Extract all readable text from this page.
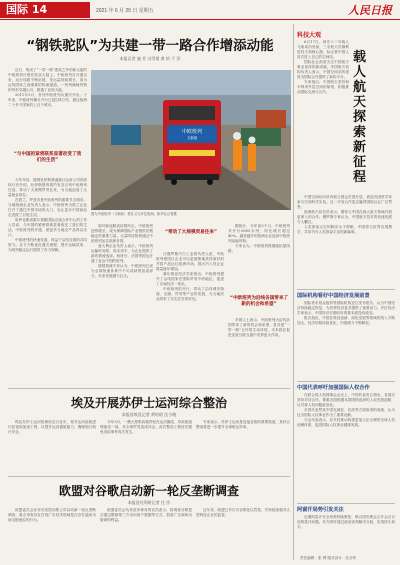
国际 14	2021 年 6 月 25 日 星期五	人民日报
“钢铁驼队”为共建一带一路合作增添动能
本报记者 施 芳 冯雪珺 黄 培 于 洋

近日，集成了“一带一路”建设之外的新元素的中欧班列行驶在欧亚大陆上。中欧班列自开通以来，运行线路不断拓展，发运量持续增长，成为沿线国家之间重要的物流通道。一列列满载货物的列车穿越山川，联通了亚欧大陆。

2011年3月，首列中欧班列从重庆开出。十年来，中欧班列累计开行已超过4万列，通达欧洲二十多个国家的上百个城市。

“与中国的紧密联系显著改变了我们的生活”

今年年初，德国杜伊斯堡港港口运营公司首席执行官介绍，杜伊斯堡每周约有近百列中欧班列往返，带动了大规模贸易往来，为当地创造了大量就业岗位。

在波兰，罗兹市是中欧班列的重要节点城市。当地物流企业负责人表示，中欧班列为波兰企业打开了通往中国市场的大门，也让更多中国商品走进波兰百姓生活。

哈萨克斯坦霍尔果斯国际边境合作中心的工作人员说，与中国的紧密联系显著改变了我们的生活。中欧班列的开通，使更多当地农产品得以出口。

中欧班列的快速发展，得益于沿线各国的共同努力。各方不断优化通关流程，提升运输效率，为班列稳定运行提供了有力保障。

中欧班列
义新欧
图为中欧班列（义新欧）将在义乌开往欧洲。新华社记者摄

面对新冠肺炎疫情冲击，中欧班列逆势增长，成为保障国际产业链供应链稳定的重要力量。大量防疫物资通过中欧班列运往欧洲各国。

意大利企业负责人表示，中欧班列运输时间短、成本适中，为企业提供了新的物流选择。西班牙、法国等国也开通了直达中国的班列。

德国物流专家认为，中欧班列已成为全球物流体系中不可或缺的组成部分，未来发展潜力巨大。

“带动了大规模贸易往来”

白俄罗斯中白工业园负责人说，中欧班列使园区企业可以更便捷地获得原材料并将产品运往欧洲市场。园区内入驻企业数量逐年增加。

塞尔维亚经济学家指出，中欧班列提升了沿线国家在国际贸易中的地位，促进了区域经济一体化。

中欧班列的开行，带动了沿线城市物流、仓储、贸易等产业的发展，为当地民众带来了实实在在的好处。	“中欧班列为沿线各国带来了新的机会和希望”

据统计，今年前5个月，中欧班列共开行6000余列，同比增长超过40%。越来越多的欧洲企业选择中欧班列运输货物。

专家认为，中欧班列将继续拓展线路。

多国人士表示，中欧班列为沿线各国带来了新的机会和希望，是共建“一带一路”合作的生动体现，未来将在促进亚欧互联互通中发挥更大作用。

科技大观

6月17日，神舟十二号载人飞船成功发射，三名航天员顺利进驻天和核心舱，标志着中国人首次进入自己的空间站。

国际社会高度关注中国航天事业取得的新成就。多国航天机构负责人表示，中国空间站的建设为国际合作提供了新的平台。

专家指出，中国航天坚持和平利用外层空间的原则，积极推动国际交流与合作。

载人航天探索新征程

中国空间站向所有联合国会员国开放，欢迎各国科学家参与空间科学实验。这一开放合作姿态赢得国际社会广泛赞誉。

欧洲航天局官员表示，期待与中国在载人航天领域开展更深入的合作。俄罗斯专家认为，中国航天技术的快速发展令人瞩目。

人类探索太空的脚步永不停歇，中国将与世界各国携手，共同书写人类探索宇宙的新篇章。

国际机构看好中国经济发展前景

国际货币基金组织等国际机构近日发布报告，认为中国经济持续稳定恢复，为世界经济复苏提供了重要动力。多位经济学家表示，中国经济长期向好的基本面没有改变。

报告指出，中国在科技创新、绿色发展等领域的投入不断加大，经济结构持续优化，内需潜力不断释放。

中国代表呼吁加强国际人权合作

在联合国人权理事会会议上，中国代表发言指出，各国应坚持对话合作，尊重各国根据本国国情选择的人权发展道路，反对将人权问题政治化。

多国代表赞赏中国在减贫、抗疫等方面取得的成就，认为这为国际人权事业作出了重要贡献。

与会代表表示，应共同推动构建更加公正合理的全球人权治理体系，促进国际人权事业健康发展。

阿富汗局势引发关注

近期阿富汗安全形势持续紧张，联合国安理会召开会议讨论阿富汗问题。各方呼吁通过政治谈判解决分歧，实现持久和平。

埃及开展苏伊士运河综合整治
本报驻埃及记者 黄培昭 沈小晓

埃及苏伊士运河管理局近日宣布，将对运河南段进行拓宽和加深工程，以提升运河通航能力，确保船只航行安全。

今年3月，一艘大型集装箱货轮在运河搁浅，导致航道堵塞近一周，对全球贸易造成冲击。此次整治工程旨在避免类似事件再次发生。

专家表示，苏伊士运河是连接亚欧的重要航道，其综合整治将进一步提升全球航运效率。

欧盟对谷歌启动新一轮反垄断调查
本报驻比利时记者 任 彦

欧盟委员会宣布对美国谷歌公司启动新一轮反垄断调查，重点审查其在在线广告技术领域是否存在滥用市场支配地位的行为。

欧盟委员会负责竞争事务的官员表示，将调查谷歌是否通过限制第三方访问用户数据等方式，损害广告商和出版商的利益。

近年来，欧盟已多次对谷歌处以罚款，并持续加强对大型科技企业的监管。

责任编辑：张 博 版式设计：沈亦伶
